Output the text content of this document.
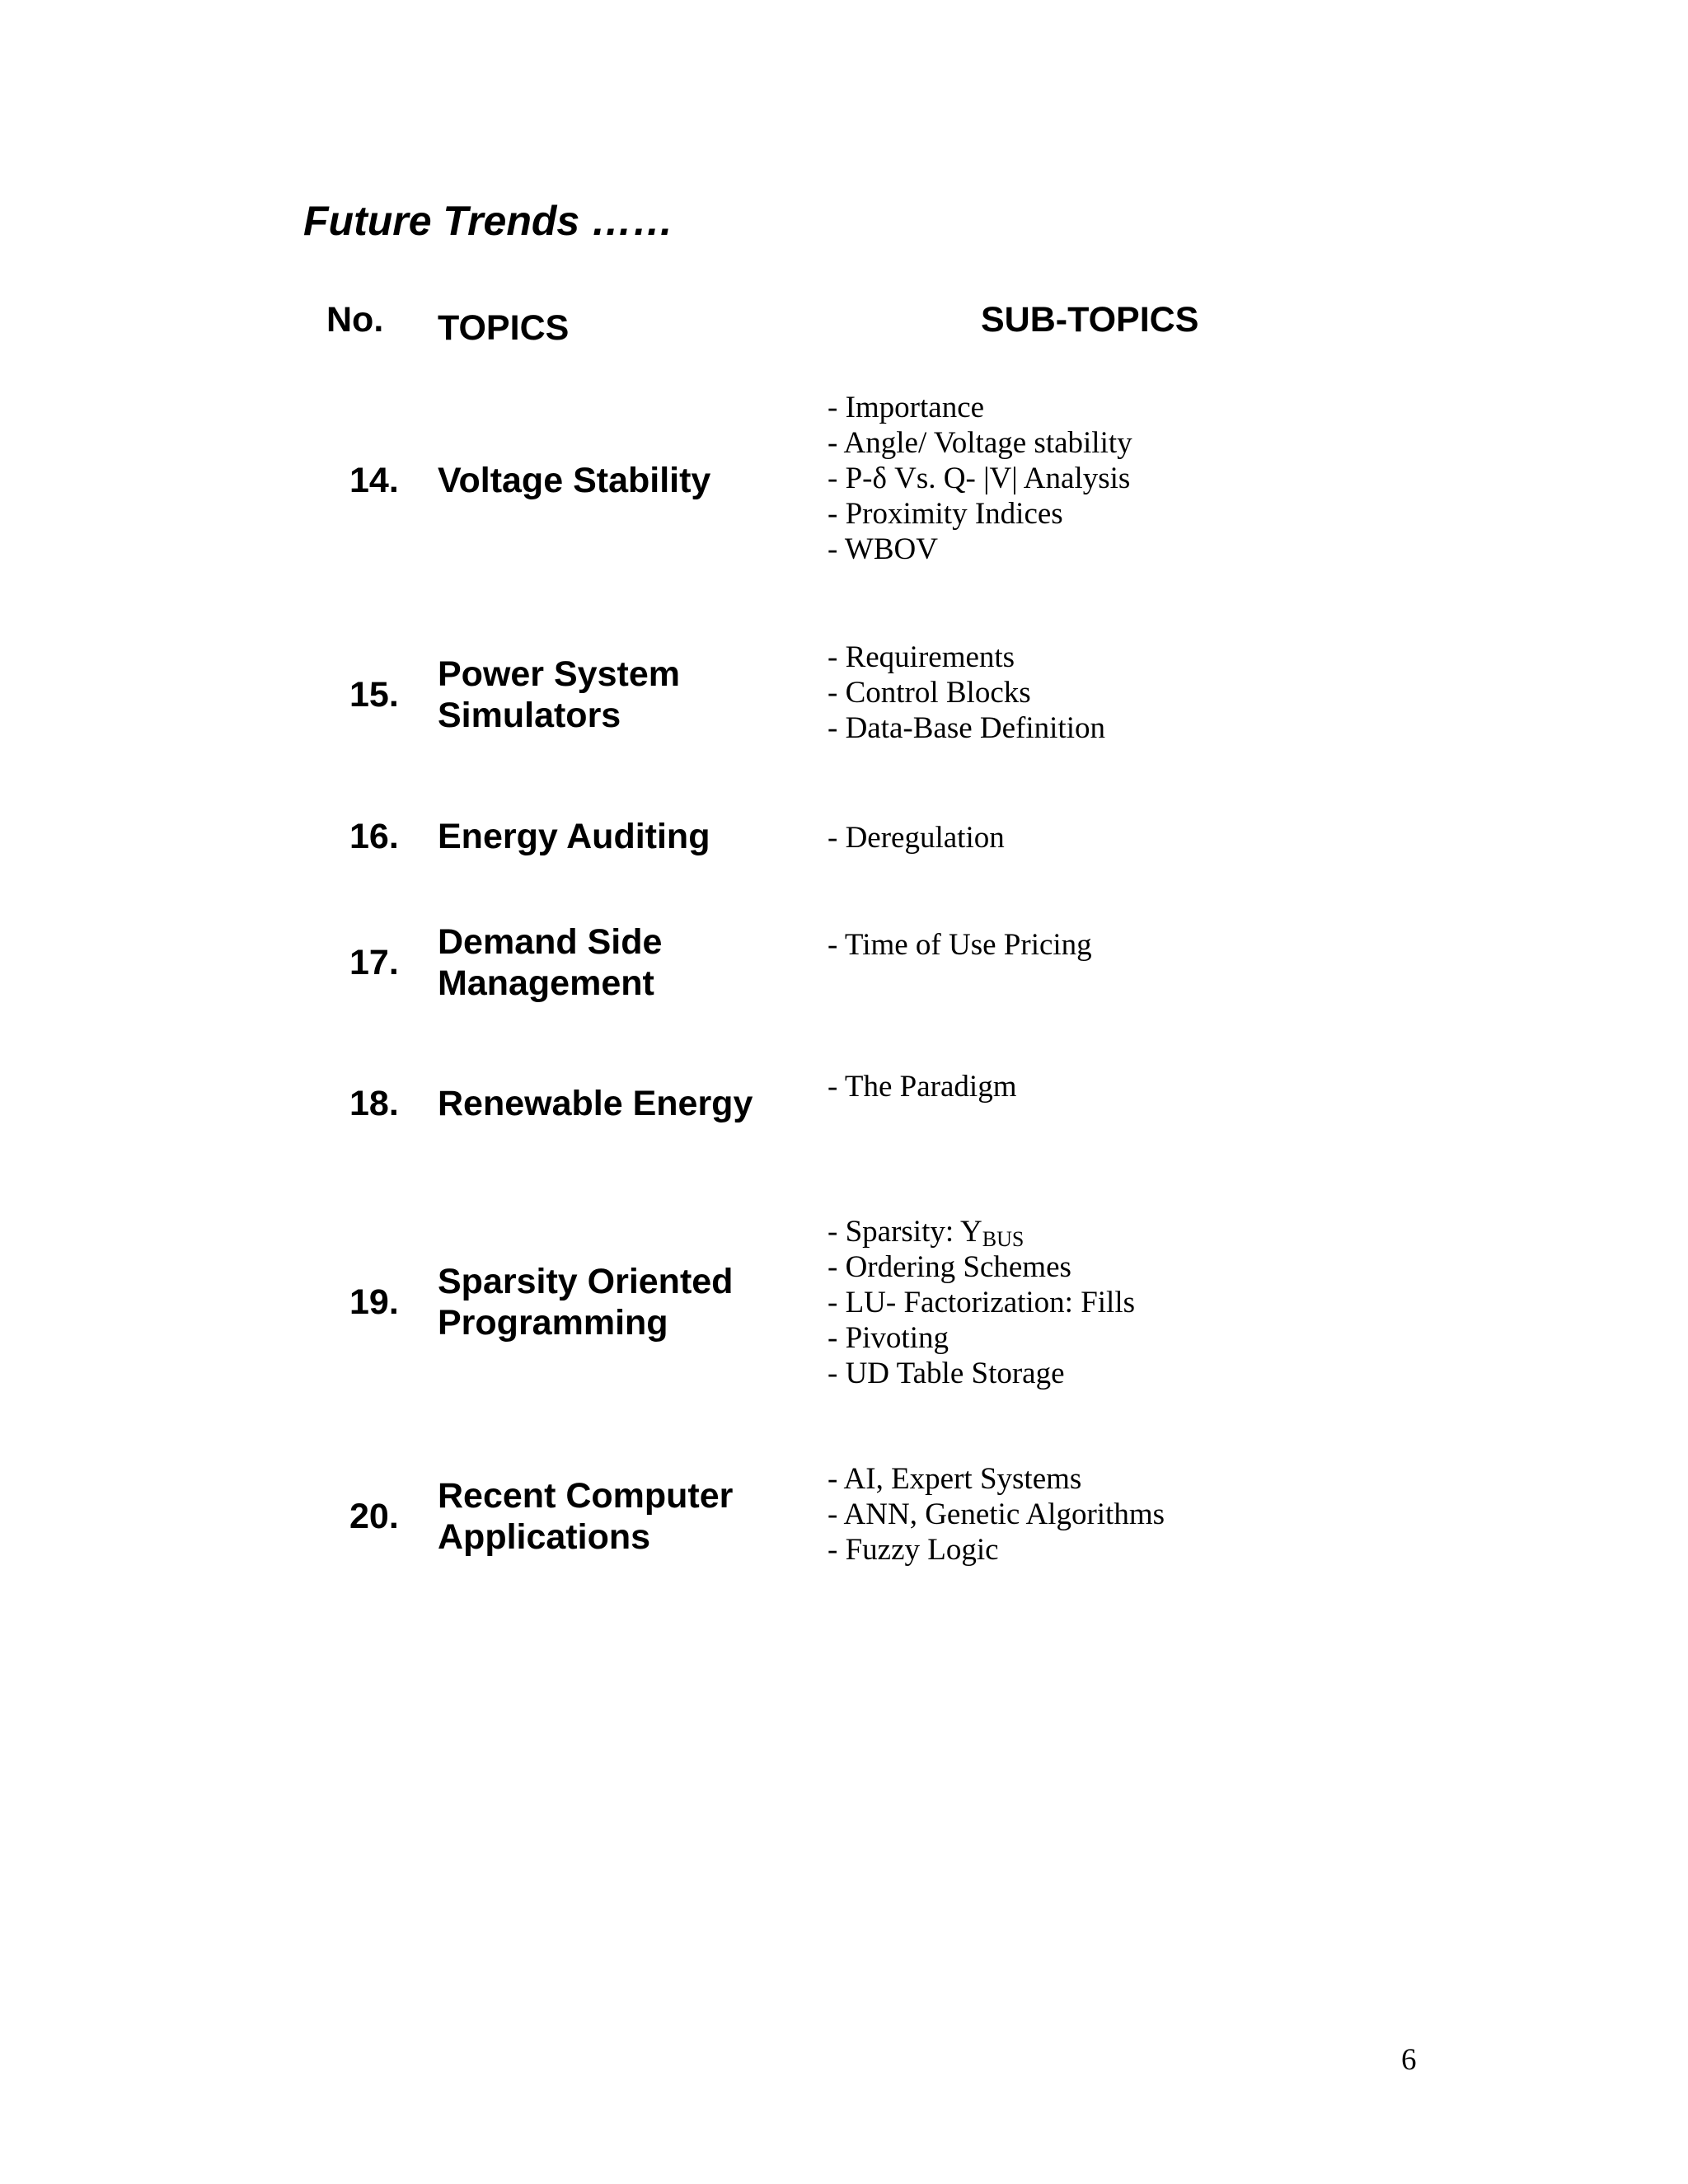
Future Trends ……
No. TOPICS	SUB-TOPICS
14. Voltage Stability
- Importance
- Angle/ Voltage stability
- P-δ Vs. Q- |V| Analysis
- Proximity Indices
- WBOV
15.
Power System
Simulators
- Requirements
- Control Blocks
- Data-Base Definition
16. Energy Auditing	- Deregulation
17.
Demand Side
Management
- Time of Use Pricing
18. Renewable Energy - The Paradigm
19.
Sparsity Oriented
Programming
- Sparsity: $Y_{BUS}$
- Ordering Schemes
- LU- Factorization: Fills
- Pivoting
- UD Table Storage
20.
Recent Computer
Applications
- AI, Expert Systems
- ANN, Genetic Algorithms
- Fuzzy Logic
6
